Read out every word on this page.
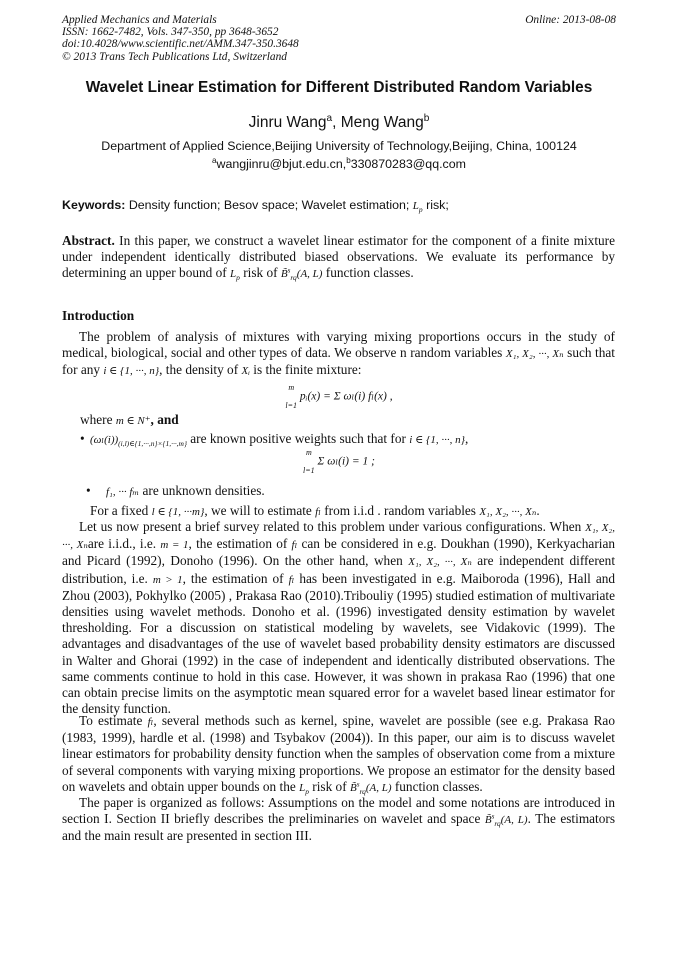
Applied Mechanics and Materials
ISSN: 1662-7482, Vols. 347-350, pp 3648-3652
doi:10.4028/www.scientific.net/AMM.347-350.3648
© 2013 Trans Tech Publications Ltd, Switzerland
Online: 2013-08-08
Wavelet Linear Estimation for Different Distributed Random Variables
Jinru Wang$^a$, Meng Wang$^b$
Department of Applied Science,Beijing University of Technology,Beijing, China, 100124
$^a$wangjinru@bjut.edu.cn,$^b$330870283@qq.com
Keywords: Density function; Besov space; Wavelet estimation; $L_p$ risk;
Abstract. In this paper, we construct a wavelet linear estimator for the component of a finite mixture under independent identically distributed biased observations. We evaluate its performance by determining an upper bound of $L_p$ risk of B̃$^s_{rq}$(A, L) function classes.
Introduction
The problem of analysis of mixtures with varying mixing proportions occurs in the study of medical, biological, social and other types of data. We observe n random variables X₁, X₂, ···, Xₙ such that for any i ∈ {1, ···, n}, the density of Xᵢ is the finite mixture:
m
l=1
pᵢ(x) = Σ ωₗ(i) fₗ(x) ,
where m ∈ N⁺, and
• $(\omega_l(i))_{(i,l)\in\{1,\cdot\cdot\cdot,n\}\times\{1,\cdot\cdot\cdot,m\}}$ are known positive weights such that for i ∈ {1, ···, n},
m
l=1
Σ ωₗ(i) = 1 ;
• f₁, ··· fₘ are unknown densities.
For a fixed l ∈ {1, ···m}, we will to estimate fₗ from i.i.d . random variables X₁, X₂, ···, Xₙ.
Let us now present a brief survey related to this problem under various configurations. When X₁, X₂, ···, Xₙare i.i.d., i.e. m = 1, the estimation of fₗ can be considered in e.g. Doukhan (1990), Kerkyacharian and Picard (1992), Donoho (1996). On the other hand, when X₁, X₂, ···, Xₙ are independent different distribution, i.e. m > 1, the estimation of fₗ has been investigated in e.g. Maiboroda (1996), Hall and Zhou (2003), Pokhylko (2005) , Prakasa Rao (2010).Tribouliy (1995) studied estimation of multivariate densities using wavelet methods. Donoho et al. (1996) investigated density estimation by wavelet thresholding. For a discussion on statistical modeling by wavelets, see Vidakovic (1999). The advantages and disadvantages of the use of wavelet based probability density estimators are discussed in Walter and Ghorai (1992) in the case of independent and identically distributed observations. The same comments continue to hold in this case. However, it was shown in prakasa Rao (1996) that one can obtain precise limits on the asymptotic mean squared error for a wavelet based linear estimator for the density function.
To estimate fₗ, several methods such as kernel, spine, wavelet are possible (see e.g. Prakasa Rao (1983, 1999), hardle et al. (1998) and Tsybakov (2004)). In this paper, our aim is to discuss wavelet linear estimators for probability density function when the samples of observation come from a mixture of several components with varying mixing proportions. We propose an estimator for the density based on wavelets and obtain upper bounds on the $L_p$ risk of B̃$^s_{rq}$(A, L) function classes.
The paper is organized as follows: Assumptions on the model and some notations are introduced in section I. Section II briefly describes the preliminaries on wavelet and space B̃$^s_{rq}$(A, L). The estimators and the main result are presented in section III.
